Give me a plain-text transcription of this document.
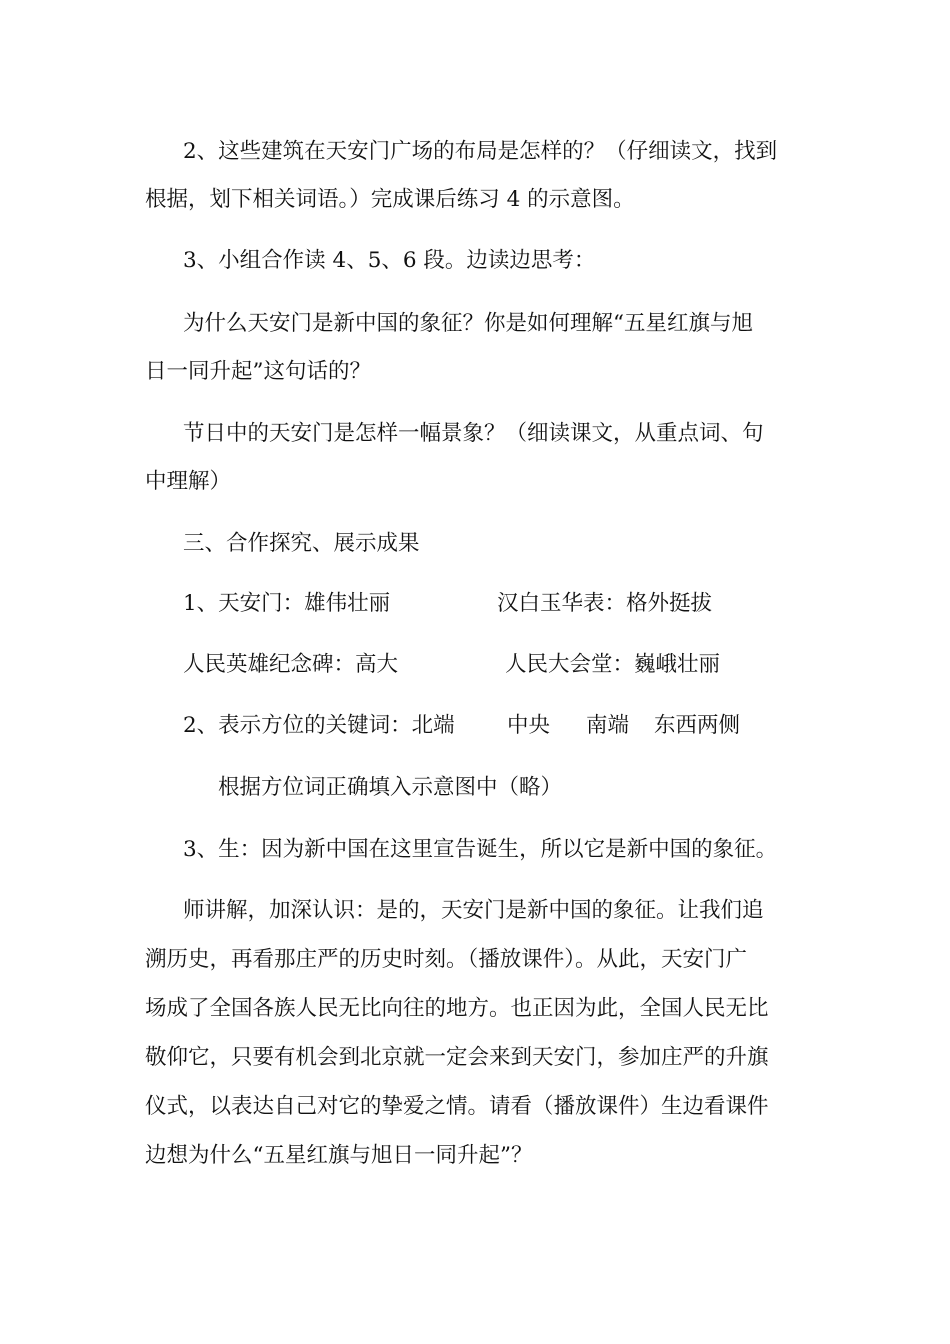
2、这些建筑在天安门广场的布局是怎样的？（仔细读文，找到
根据，划下相关词语。）完成课后练习 4 的示意图。
3、小组合作读 4、5、6 段。边读边思考：
为什么天安门是新中国的象征？你是如何理解“五星红旗与旭
日一同升起”这句话的？
节日中的天安门是怎样一幅景象？（细读课文，从重点词、句
中理解）
三、合作探究、展示成果
1、天安门：雄伟壮丽	汉白玉华表：格外挺拔
人民英雄纪念碑：高大	人民大会堂：巍峨壮丽
2、表示方位的关键词：北端 中央 南端 东西两侧
根据方位词正确填入示意图中（略）
3、生：因为新中国在这里宣告诞生，所以它是新中国的象征。
师讲解，加深认识：是的，天安门是新中国的象征。让我们追
溯历史，再看那庄严的历史时刻。（播放课件）。从此，天安门广
场成了全国各族人民无比向往的地方。也正因为此，全国人民无比
敬仰它，只要有机会到北京就一定会来到天安门，参加庄严的升旗
仪式，以表达自己对它的挚爱之情。请看（播放课件）生边看课件
边想为什么“五星红旗与旭日一同升起”？
